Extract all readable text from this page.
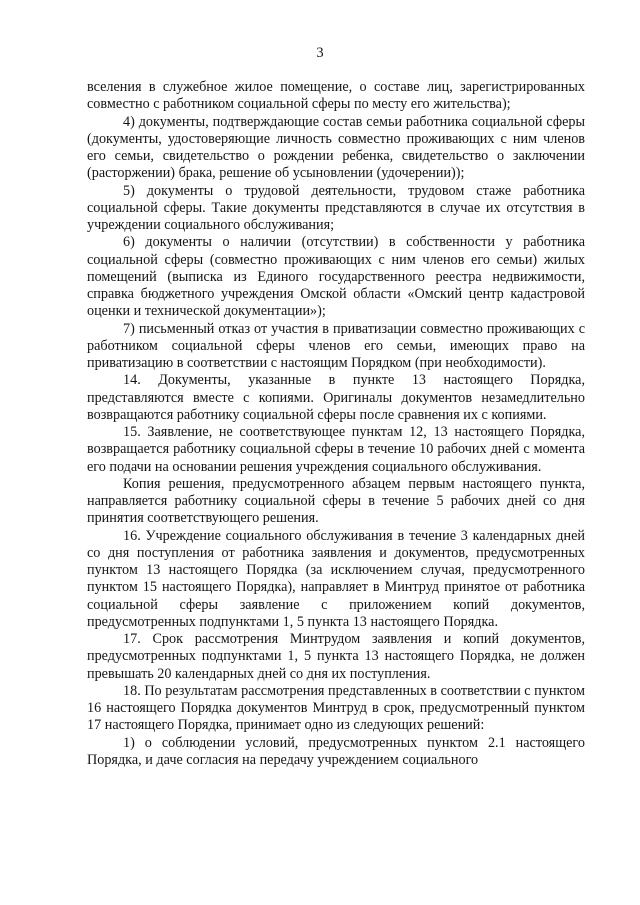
3

вселения в служебное жилое помещение, о составе лиц, зарегистрированных совместно с работником социальной сферы по месту его жительства);

4) документы, подтверждающие состав семьи работника социальной сферы (документы, удостоверяющие личность совместно проживающих с ним членов его семьи, свидетельство о рождении ребенка, свидетельство о заключении (расторжении) брака, решение об усыновлении (удочерении));

5) документы о трудовой деятельности, трудовом стаже работника социальной сферы. Такие документы представляются в случае их отсутствия в учреждении социального обслуживания;

6) документы о наличии (отсутствии) в собственности у работника социальной сферы (совместно проживающих с ним членов его семьи) жилых помещений (выписка из Единого государственного реестра недвижимости, справка бюджетного учреждения Омской области «Омский центр кадастровой оценки и технической документации»);

7) письменный отказ от участия в приватизации совместно проживающих с работником социальной сферы членов его семьи, имеющих право на приватизацию в соответствии с настоящим Порядком (при необходимости).

14. Документы, указанные в пункте 13 настоящего Порядка, представляются вместе с копиями. Оригиналы документов незамедлительно возвращаются работнику социальной сферы после сравнения их с копиями.

15. Заявление, не соответствующее пунктам 12, 13 настоящего Порядка, возвращается работнику социальной сферы в течение 10 рабочих дней с момента его подачи на основании решения учреждения социального обслуживания.

Копия решения, предусмотренного абзацем первым настоящего пункта, направляется работнику социальной сферы в течение 5 рабочих дней со дня принятия соответствующего решения.

16. Учреждение социального обслуживания в течение 3 календарных дней со дня поступления от работника заявления и документов, предусмотренных пунктом 13 настоящего Порядка (за исключением случая, предусмотренного пунктом 15 настоящего Порядка), направляет в Минтруд принятое от работника социальной сферы заявление с приложением копий документов, предусмотренных подпунктами 1, 5 пункта 13 настоящего Порядка.

17. Срок рассмотрения Минтрудом заявления и копий документов, предусмотренных подпунктами 1, 5 пункта 13 настоящего Порядка, не должен превышать 20 календарных дней со дня их поступления.

18. По результатам рассмотрения представленных в соответствии с пунктом 16 настоящего Порядка документов Минтруд в срок, предусмотренный пунктом 17 настоящего Порядка, принимает одно из следующих решений:

1) о соблюдении условий, предусмотренных пунктом 2.1 настоящего Порядка, и даче согласия на передачу учреждением социального
